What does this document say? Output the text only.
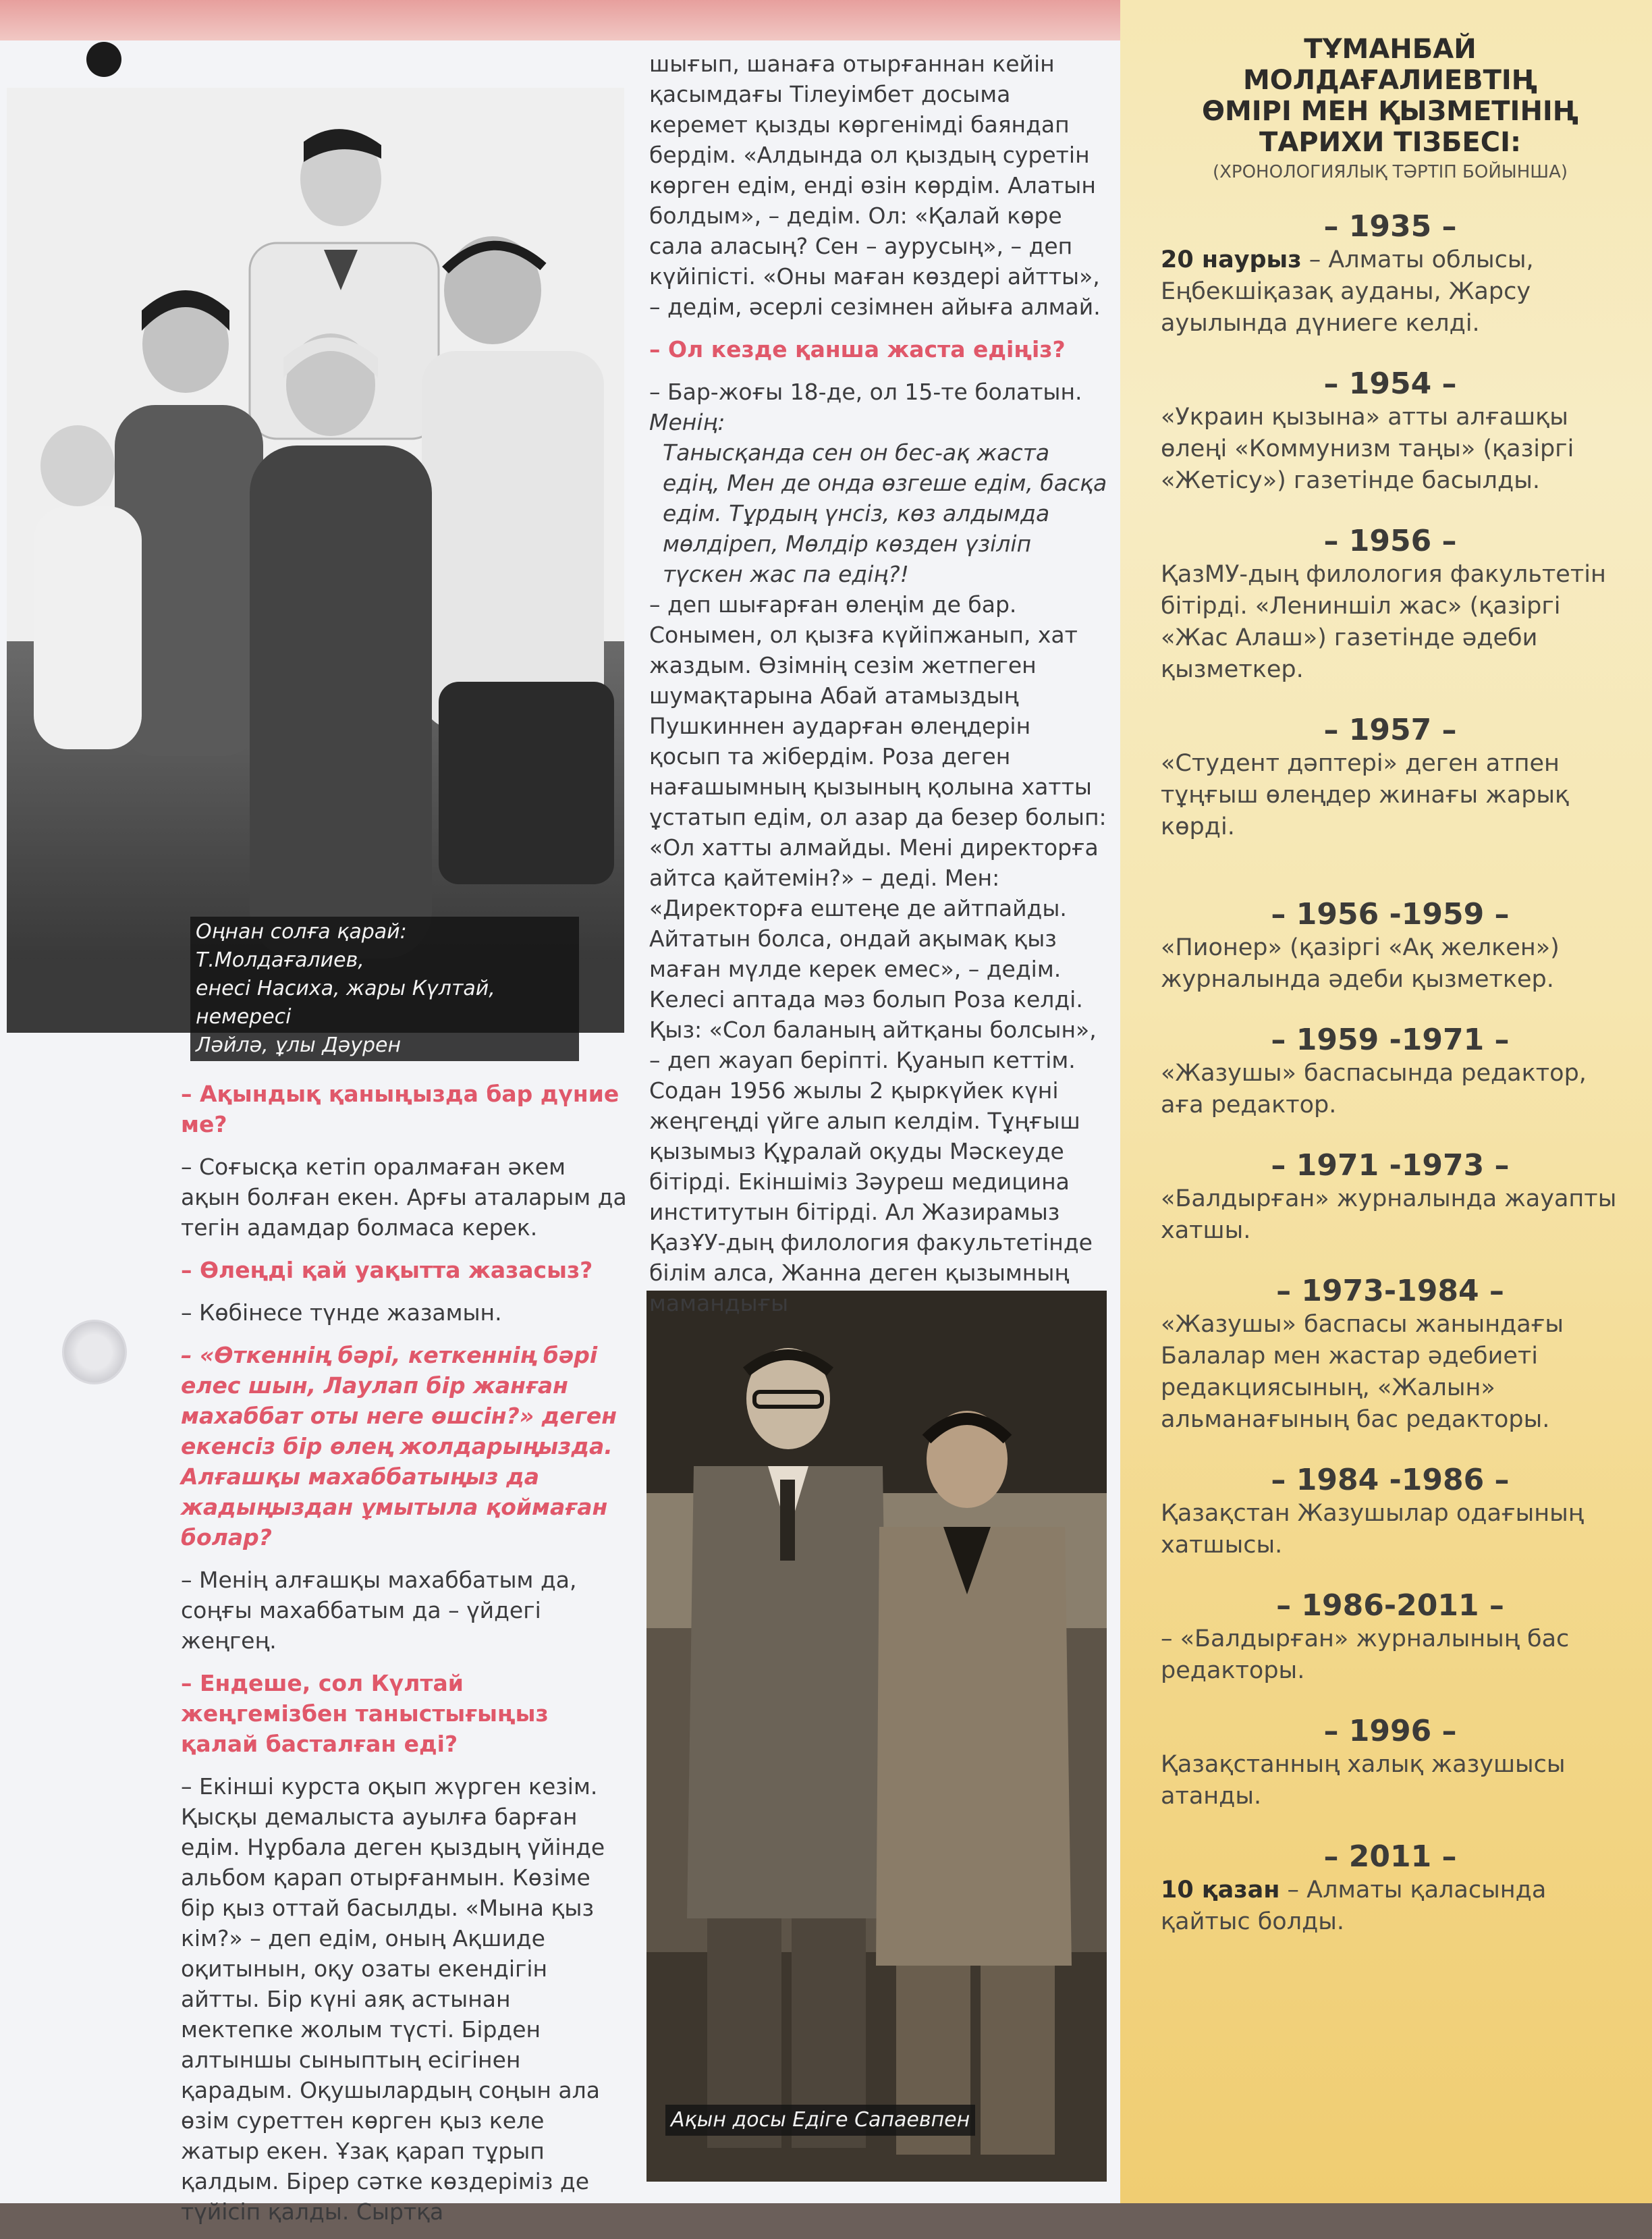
Оңнан солға қарай: Т.Молдағалиев,
енесі Насиха, жары Күлтай, немересі
Ләйлә, ұлы Дәурен
Ақын досы Едіге Сапаевпен

– Ақындық қаныңызда бар дүние ме?

– Соғысқа кетіп оралмаған әкем ақын болған екен. Арғы аталарым да тегін адамдар болмаса керек.

– Өлеңді қай уақытта жазасыз?

– Көбінесе түнде жазамын.

– «Өткеннің бәрі, кеткеннің бәрі елес шын, Лаулап бір жанған махаббат оты неге өшсін?» деген екенсіз бір өлең жолдарыңызда. Алғашқы махаббатыңыз да жадыңыздан ұмытыла қоймаған болар?

– Менің алғашқы махаббатым да, соңғы махаббатым да – үйдегі жеңгең.

– Ендеше, сол Күлтай жеңгемізбен таныстығыңыз қалай басталған еді?

– Екінші курста оқып жүрген кезім. Қысқы демалыста ауылға барған едім. Нұрбала деген қыздың үйінде альбом қарап отырғанмын. Көзіме бір қыз оттай басылды. «Мына қыз кім?» – деп едім, оның Ақшиде оқитынын, оқу озаты екендігін айтты. Бір күні аяқ астынан мектепке жолым түсті. Бірден алтыншы сыныптың есігінен қарадым. Оқушылардың соңын ала өзім суреттен көрген қыз келе жатыр екен. Ұзақ қарап тұрып қалдым. Бірер сәтке көздеріміз де түйісіп қалды. Сыртқа

шығып, шанаға отырғаннан кейін қасымдағы Тілеуімбет досыма керемет қызды көргенімді баяндап бердім. «Алдында ол қыздың суретін көрген едім, енді өзін көрдім. Алатын болдым», – дедім. Ол: «Қалай көре сала аласың? Сен – аурусың», – деп күйіпісті. «Оны маған көздері айтты», – дедім, әсерлі сезімнен айыға алмай.

– Ол кезде қанша жаста едіңіз?

– Бар-жоғы 18-де, ол 15-те болатын.

Менің:

Танысқанда сен он бес-ақ жаста едің, Мен де онда өзгеше едім, басқа едім. Тұрдың үнсіз, көз алдымда мөлдіреп, Мөлдір көзден үзіліп түскен жас па едің?!

– деп шығарған өлеңім де бар. Сонымен, ол қызға күйіпжанып, хат жаздым. Өзімнің сезім жетпеген шумақтарына Абай атамыздың Пушкиннен аударған өлеңдерін қосып та жібердім. Роза деген нағашымның қызының қолына хатты ұстатып едім, ол азар да безер болып: «Ол хатты алмайды. Мені директорға айтса қайтемін?» – деді. Мен: «Директорға ештеңе де айтпайды. Айтатын болса, ондай ақымақ қыз маған мүлде керек емес», – дедім. Келесі аптада мәз болып Роза келді. Қыз: «Сол баланың айтқаны болсын», – деп жауап беріпті. Қуанып кеттім. Содан 1956 жылы 2 қыркүйек күні жеңгеңді үйге алып келдім. Тұңғыш қызымыз Құралай оқуды Мәскеуде бітірді. Екіншіміз Зәуреш медицина институтын бітірді. Ал Жазирамыз ҚазҰУ-дың филология факультетінде білім алса, Жанна деген қызымның мамандығы

ТҰМАНБАЙ
МОЛДАҒАЛИЕВТІҢ
ӨМІРІ МЕН ҚЫЗМЕТІНІҢ
ТАРИХИ ТІЗБЕСІ:
(ХРОНОЛОГИЯЛЫҚ ТӘРТІП БОЙЫНША)
– 1935 –
20 наурыз – Алматы облысы, Еңбекшіқазақ ауданы, Жарсу ауылында дүниеге келді.
– 1954 –
«Украин қызына» атты алғашқы өлеңі «Коммунизм таңы» (қазіргі «Жетісу») газетінде басылды.
– 1956 –
ҚазМУ-дың филология факультетін бітірді. «Лениншіл жас» (қазіргі «Жас Алаш») газетінде әдеби қызметкер.
– 1957 –
«Студент дәптері» деген атпен тұңғыш өлеңдер жинағы жарық көрді.
– 1956 -1959 –
«Пионер» (қазіргі «Ақ желкен») журналында әдеби қызметкер.
– 1959 -1971 –
«Жазушы» баспасында редактор, аға редактор.
– 1971 -1973 –
«Балдырған» журналында жауапты хатшы.
– 1973-1984 –
«Жазушы» баспасы жанындағы Балалар мен жастар әдебиеті редакциясының, «Жалын» альманағының бас редакторы.
– 1984 -1986 –
Қазақстан Жазушылар одағының хатшысы.
– 1986-2011 –
– «Балдырған» журналының бас редакторы.
– 1996 –
Қазақстанның халық жазушысы атанды.
– 2011 –
10 қазан – Алматы қаласында қайтыс болды.
